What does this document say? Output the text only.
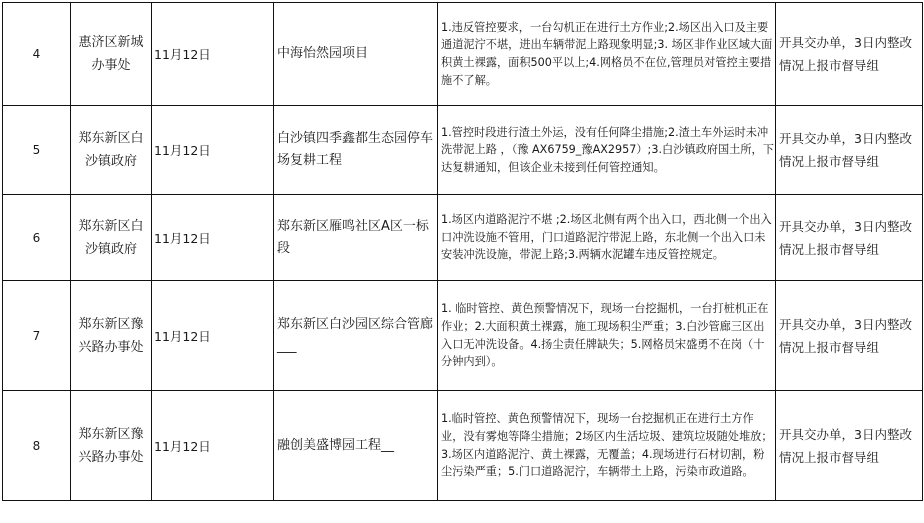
4	惠济区新城办事处	11月12日	中海怡然园项目	1.违反管控要求，一台勾机正在进行土方作业;2.场区出入口及主要通道泥泞不堪，进出车辆带泥上路现象明显;3. 场区非作业区域大面积黄土裸露，面积500平以上;4.网格员不在位,管理员对管控主要措施不了解。	开具交办单，3日内整改情况上报市督导组
5	郑东新区白沙镇政府	11月12日	白沙镇四季鑫都生态园停车场复耕工程	1.管控时段进行渣土外运，没有任何降尘措施;2.渣土车外运时未冲洗带泥上路 ，（豫 AX6759_豫AX2957）;3.白沙镇政府国土所，下达复耕通知，但该企业未接到任何管控通知。	开具交办单，3日内整改情况上报市督导组
6	郑东新区白沙镇政府	11月12日	郑东新区雁鸣社区A区一标段	1.场区内道路泥泞不堪 ;2.场区北侧有两个出入口，西北侧一个出入口冲洗设施不管用，门口道路泥泞带泥上路，东北侧一个出入口未安装冲洗设施，带泥上路;3.两辆水泥罐车违反管控规定。	开具交办单，3日内整改情况上报市督导组
7	郑东新区豫兴路办事处	11月12日	郑东新区白沙园区综合管廊___	1. 临时管控、黄色预警情况下，现场一台挖掘机，一台打桩机正在作业；2.大面积黄土裸露，施工现场积尘严重；3.白沙管廊三区出入口无冲洗设备。4.扬尘责任牌缺失；5.网格员宋盛勇不在岗（十分钟内到）。	开具交办单，3日内整改情况上报市督导组
8	郑东新区豫兴路办事处	11月12日	融创美盛博园工程__	1.临时管控、黄色预警情况下，现场一台挖掘机正在进行土方作业，没有雾炮等降尘措施；2场区内生活垃圾、建筑垃圾随处堆放；3.场区内道路泥泞、黄土裸露，无覆盖；4.现场进行石材切割，粉尘污染严重；5.门口道路泥泞，车辆带土上路，污染市政道路。	开具交办单，3日内整改情况上报市督导组
